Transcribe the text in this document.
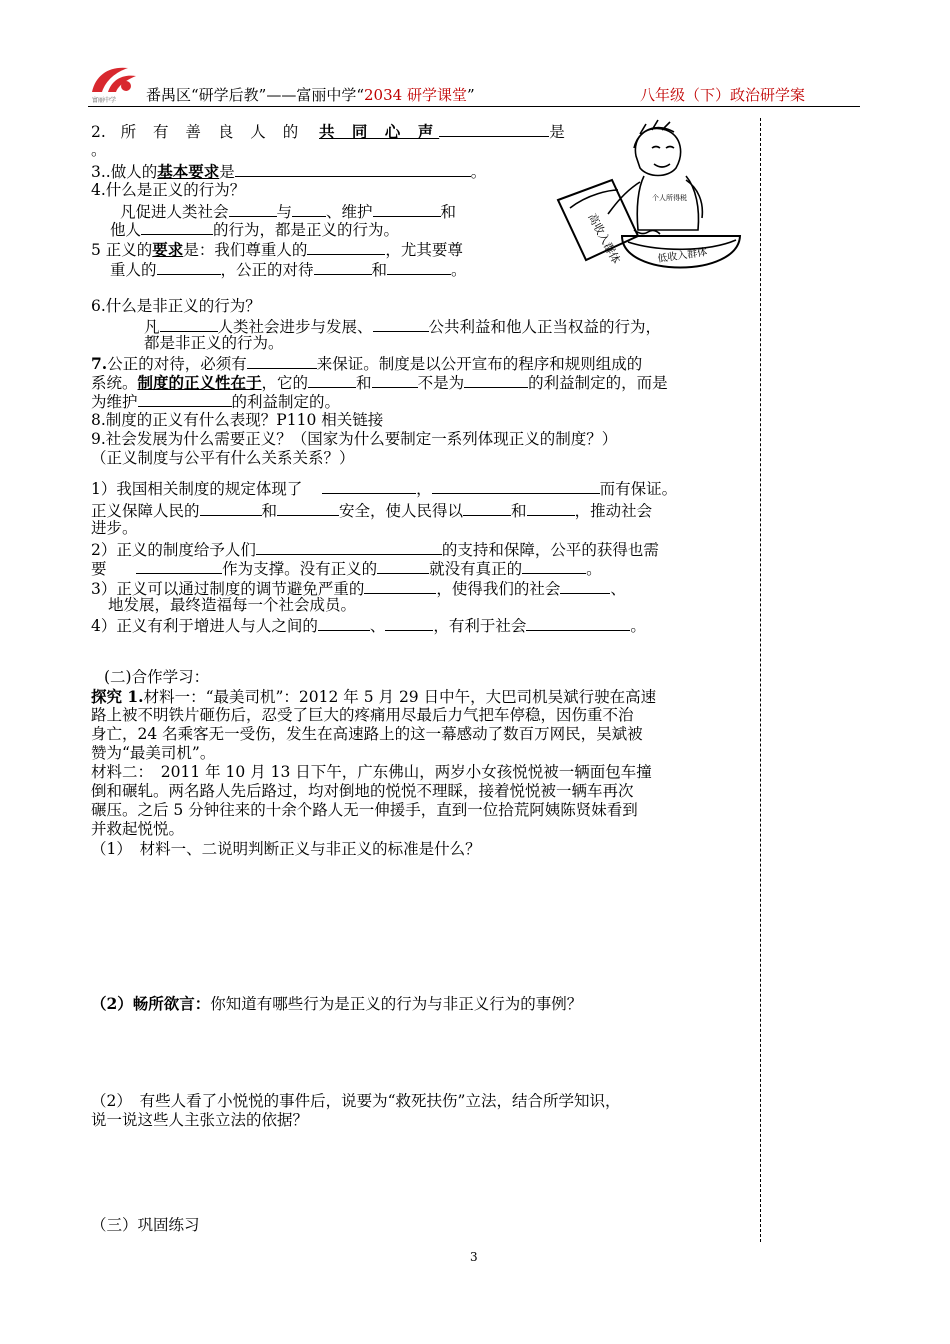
富丽中学 番禺区“研学后教”——富丽中学“2034 研学课堂”	八年级（下）政治研学案
高收入群体	低收入群体
个人所得税
2. 所 有 善 良 人 的 共 同 心 声	是
。
3..做人的基本要求是	。
4.什么是正义的行为？
凡促进人类社会	与 、维护	和
他人	的行为，都是正义的行为。
5 正义的要求是：我们尊重人的	，尤其要尊
重人的	，公正的对待	和	。
6.什么是非正义的行为？
凡	人类社会进步与发展、	公共利益和他人正当权益的行为，
都是非正义的行为。
7.公正的对待，必须有	来保证。制度是以公开宣布的程序和规则组成的
系统。制度的正义性在于，它的	和	不是为	的利益制定的，而是
为维护	的利益制定的。
8.制度的正义有什么表现？P110 相关链接
9.社会发展为什么需要正义？（国家为什么要制定一系列体现正义的制度？）
（正义制度与公平有什么关系关系？）
1）我国相关制度的规定体现了	，	而有保证。
正义保障人民的	和	安全，使人民得以	和	，推动社会
进步。
2）正义的制度给予人们	的支持和保障，公平的获得也需
要	作为支撑。没有正义的	就没有真正的	。
3）正义可以通过制度的调节避免严重的	，使得我们的社会	、
地发展，最终造福每一个社会成员。
4）正义有利于增进人与人之间的	、	，有利于社会	。
(二)合作学习：
探究 1.材料一：“最美司机”：2012 年 5 月 29 日中午，大巴司机吴斌行驶在高速
路上被不明铁片砸伤后，忍受了巨大的疼痛用尽最后力气把车停稳，因伤重不治
身亡，24 名乘客无一受伤，发生在高速路上的这一幕感动了数百万网民，吴斌被
赞为“最美司机”。
材料二：　2011 年 10 月 13 日下午，广东佛山，两岁小女孩悦悦被一辆面包车撞
倒和碾轧。两名路人先后路过，均对倒地的悦悦不理睬，接着悦悦被一辆车再次
碾压。之后 5 分钟往来的十余个路人无一伸援手，直到一位拾荒阿姨陈贤妹看到
并救起悦悦。
（1）　材料一、二说明判断正义与非正义的标准是什么？
（2）畅所欲言：你知道有哪些行为是正义的行为与非正义行为的事例？
（2）　有些人看了小悦悦的事件后，说要为“救死扶伤”立法，结合所学知识，
说一说这些人主张立法的依据？
（三）巩固练习
3
